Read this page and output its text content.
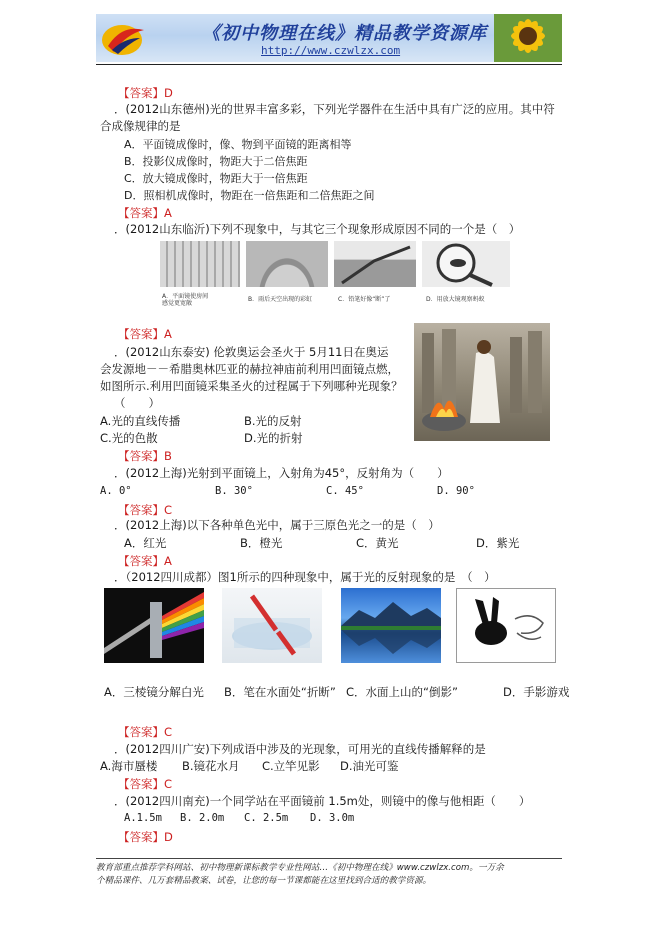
《初中物理在线》精品教学资源库
http://www.czwlzx.com
【答案】D
．(2012山东德州)光的世界丰富多彩，下列光学器件在生活中具有广泛的应用。其中符
合成像规律的是
A．平面镜成像时，像、物到平面镜的距离相等
B．投影仪成像时，物距大于二倍焦距
C．放大镜成像时，物距大于一倍焦距
D．照相机成像时，物距在一倍焦距和二倍焦距之间
【答案】A
．(2012山东临沂)下列不现象中，与其它三个现象形成原因不同的一个是（　）
A．平面镜使房间
感觉更宽敞
B．雨后天空出现的彩虹	C．铅笔好像“断”了	D．用放大镜观察蚂蚁
【答案】A
．(2012山东泰安) 伦敦奥运会圣火于 5月11日在奥运
会发源地－－希腊奥林匹亚的赫拉神庙前利用凹面镜点燃，
如图所示.利用凹面镜采集圣火的过程属于下列哪种光现象？
（　　）
A.光的直线传播	B.光的反射
C.光的色散	D.光的折射
【答案】B
．(2012上海)光射到平面镜上，入射角为45°，反射角为（　　）
A. 0°	B. 30°	C. 45°	D. 90°
【答案】C
．(2012上海)以下各种单色光中，属于三原色光之一的是（　）
A．红光	B．橙光	C．黄光	D．紫光
【答案】A
．（2012四川成都）图1所示的四种现象中，属于光的反射现象的是　（　）
A．三棱镜分解白光 B．笔在水面处“折断” C．水面上山的“倒影”	D．手影游戏
【答案】C
．(2012四川广安)下列成语中涉及的光现象，可用光的直线传播解释的是
A.海市蜃楼 B.镜花水月 C.立竿见影 D.油光可鉴
【答案】C
．(2012四川南充)一个同学站在平面镜前 1.5m处，则镜中的像与他相距（　　）
A.1.5m B. 2.0m C. 2.5m D. 3.0m
【答案】D
教育部重点推荐学科网站、初中物理新课标教学专业性网站…《初中物理在线》www.czwlzx.com。一万余
个精品课件、几万套精品教案、试卷，让您的每一节课都能在这里找到合适的教学资源。
